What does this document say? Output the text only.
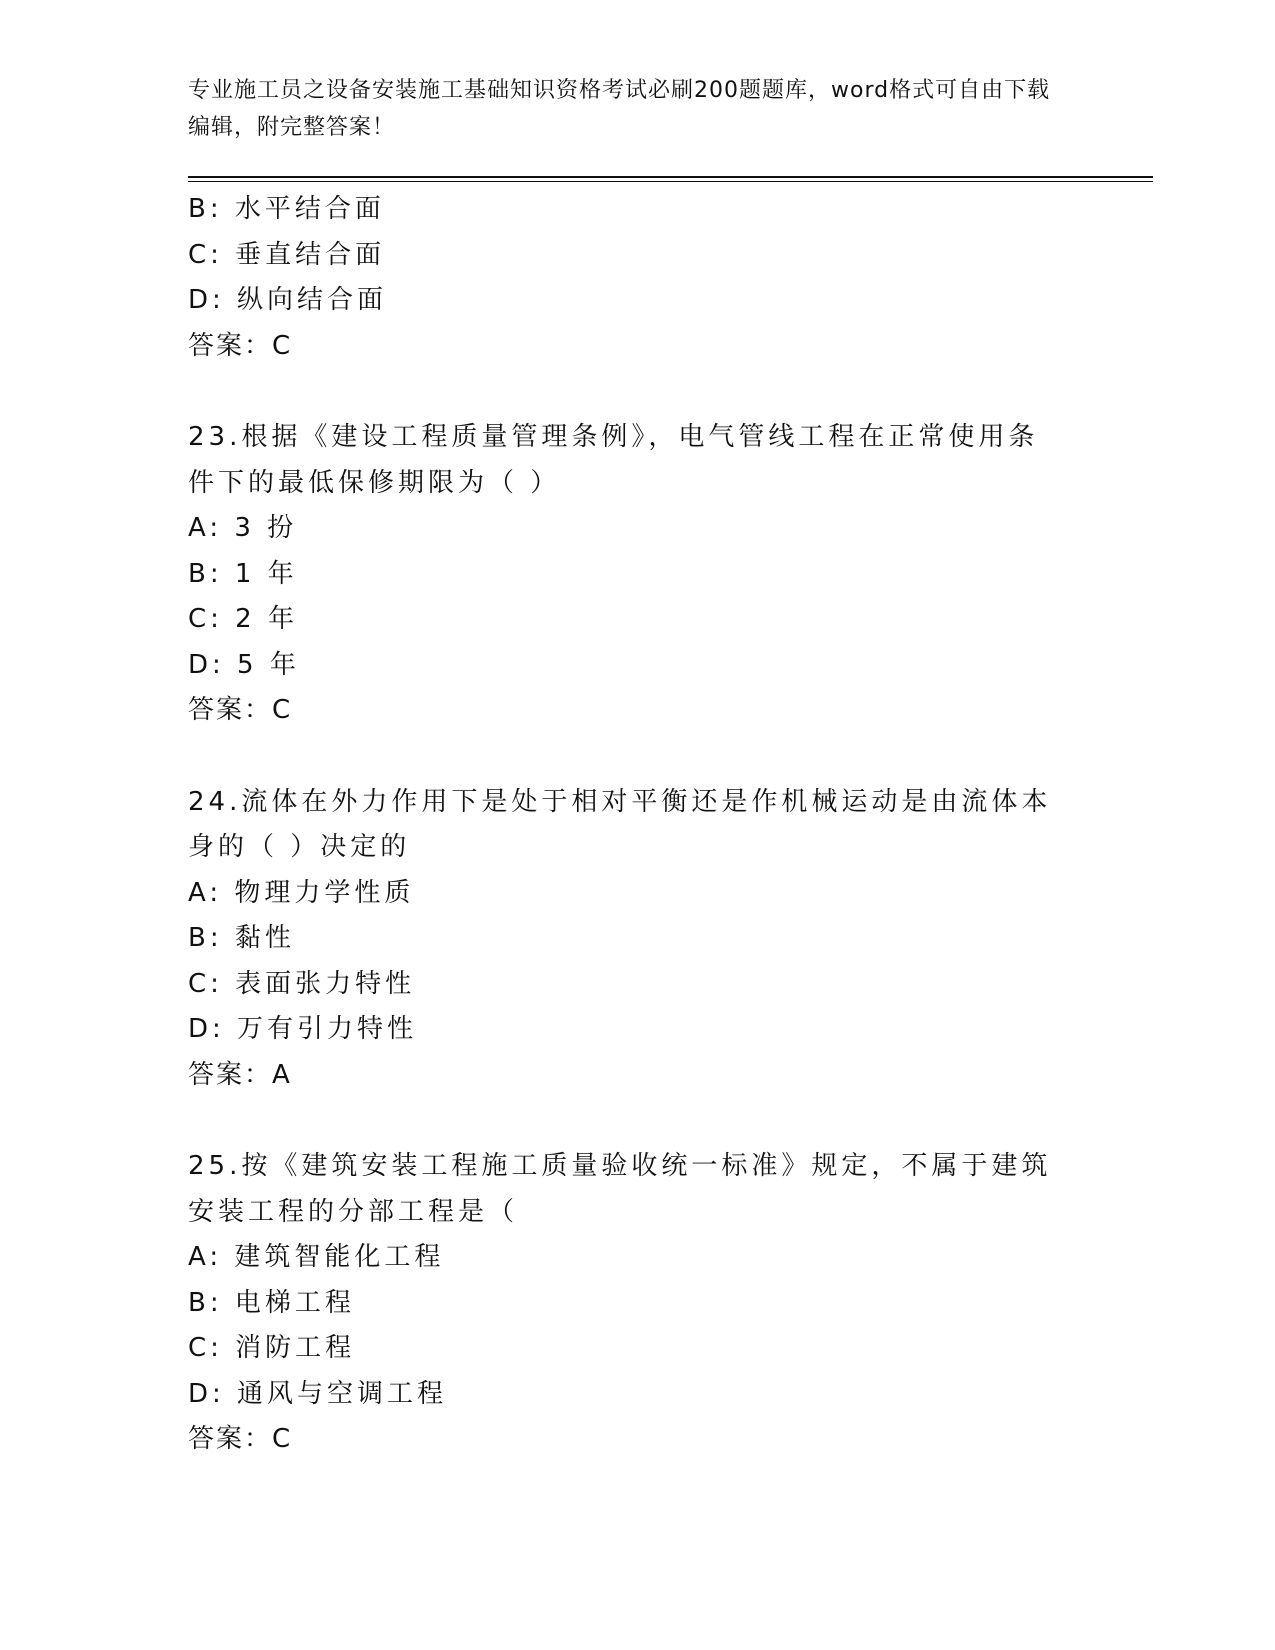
专业施工员之设备安装施工基础知识资格考试必刷200题题库，word格式可自由下载编辑，附完整答案！
B: 水平结合面
C: 垂直结合面
D: 纵向结合面
答案：C
23.根据《建设工程质量管理条例》，电气管线工程在正常使用条件下的最低保修期限为（ ）
A: 3 扮
B: 1 年
C: 2 年
D: 5 年
答案：C
24.流体在外力作用下是处于相对平衡还是作机械运动是由流体本身的（ ）决定的
A: 物理力学性质
B: 黏性
C: 表面张力特性
D: 万有引力特性
答案：A
25.按《建筑安装工程施工质量验收统一标准》规定，不属于建筑安装工程的分部工程是（
A: 建筑智能化工程
B: 电梯工程
C: 消防工程
D: 通风与空调工程
答案：C
